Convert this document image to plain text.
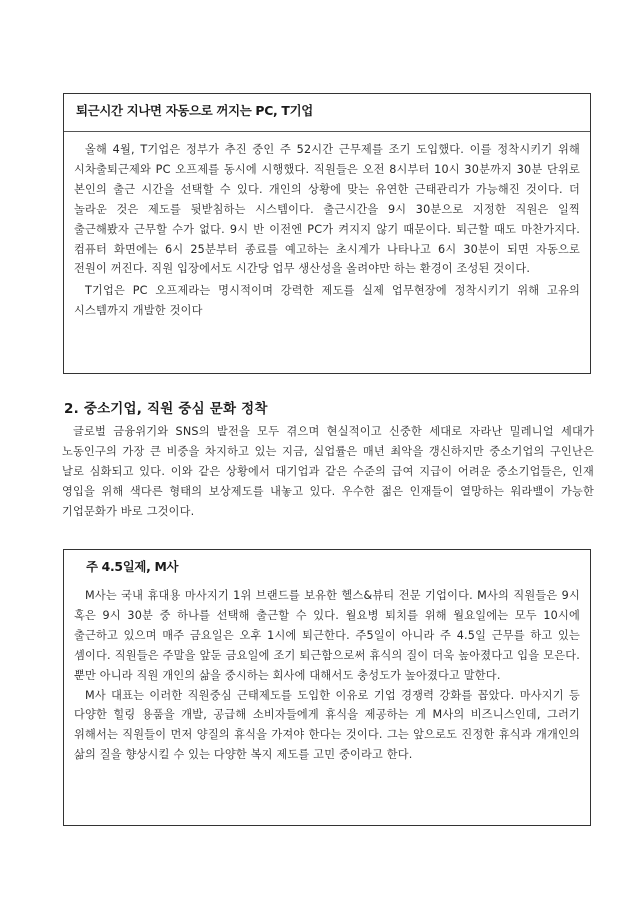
퇴근시간 지나면 자동으로 꺼지는 PC, T기업

올해 4월, T기업은 정부가 추진 중인 주 52시간 근무제를 조기 도입했다. 이를 정착시키기 위해 시차출퇴근제와 PC 오프제를 동시에 시행했다. 직원들은 오전 8시부터 10시 30분까지 30분 단위로 본인의 출근 시간을 선택할 수 있다. 개인의 상황에 맞는 유연한 근태관리가 가능해진 것이다. 더 놀라운 것은 제도를 뒷받침하는 시스템이다. 출근시간을 9시 30분으로 지정한 직원은 일찍 출근해봤자 근무할 수가 없다. 9시 반 이전엔 PC가 켜지지 않기 때문이다. 퇴근할 때도 마찬가지다. 컴퓨터 화면에는 6시 25분부터 종료를 예고하는 초시계가 나타나고 6시 30분이 되면 자동으로 전원이 꺼진다. 직원 입장에서도 시간당 업무 생산성을 올려야만 하는 환경이 조성된 것이다.

T기업은 PC 오프제라는 명시적이며 강력한 제도를 실제 업무현장에 정착시키기 위해 고유의 시스템까지 개발한 것이다

2. 중소기업, 직원 중심 문화 정착

글로벌 금융위기와 SNS의 발전을 모두 겪으며 현실적이고 신중한 세대로 자라난 밀레니얼 세대가 노동인구의 가장 큰 비중을 차지하고 있는 지금, 실업률은 매년 최악을 갱신하지만 중소기업의 구인난은 날로 심화되고 있다. 이와 같은 상황에서 대기업과 같은 수준의 급여 지급이 어려운 중소기업들은, 인재 영입을 위해 색다른 형태의 보상제도를 내놓고 있다. 우수한 젊은 인재들이 열망하는 워라밸이 가능한 기업문화가 바로 그것이다.

주 4.5일제, M사

M사는 국내 휴대용 마사지기 1위 브랜드를 보유한 헬스&뷰티 전문 기업이다. M사의 직원들은 9시 혹은 9시 30분 중 하나를 선택해 출근할 수 있다. 월요병 퇴치를 위해 월요일에는 모두 10시에 출근하고 있으며 매주 금요일은 오후 1시에 퇴근한다. 주5일이 아니라 주 4.5일 근무를 하고 있는 셈이다. 직원들은 주말을 앞둔 금요일에 조기 퇴근함으로써 휴식의 질이 더욱 높아졌다고 입을 모은다. 뿐만 아니라 직원 개인의 삶을 중시하는 회사에 대해서도 충성도가 높아졌다고 말한다.

M사 대표는 이러한 직원중심 근태제도를 도입한 이유로 기업 경쟁력 강화를 꼽았다. 마사지기 등 다양한 힐링 용품을 개발, 공급해 소비자들에게 휴식을 제공하는 게 M사의 비즈니스인데, 그러기 위해서는 직원들이 먼저 양질의 휴식을 가져야 한다는 것이다. 그는 앞으로도 진정한 휴식과 개개인의 삶의 질을 향상시킬 수 있는 다양한 복지 제도를 고민 중이라고 한다.
